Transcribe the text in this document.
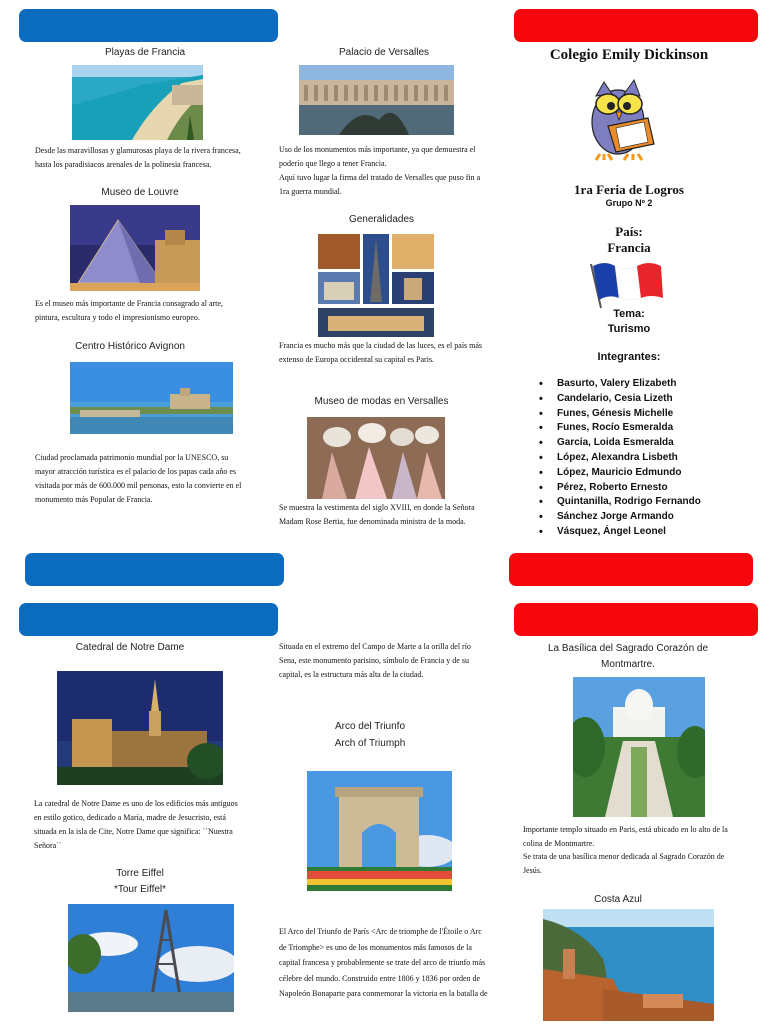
Playas de Francia
Desde las maravillosas y glamurosas playa de la rivera francesa, hasta los paradisiacos arenales de la polinesia francesa.
Museo de Louvre
Es el museo más importante de Francia consagrado al arte, pintura, escultura y todo el impresionismo europeo.
Centro Histórico Avignon
Ciudad proclamada patrimonio mundial por la UNESCO, su mayor atracción turística es el palacio de los papas cada año es visitada por más de 600.000 mil personas, esto la convierte en el monumento más Popular de Francia.
Palacio de Versalles
Uso de los monumentos más importante, ya que demuestra el poderío que llego a tener Francia.
Aquí tuvo lugar la firma del tratado de Versalles que puso fin a 1ra guerra mundial.
Generalidades
Francia es mucho más que la ciudad de las luces, es el país más extenso de Europa occidental su capital es Paris.
Museo de modas en Versalles
Se muestra la vestimenta del siglo XVIII, en donde la Señora Madam Rose Bertia, fue denominada ministra de la moda.
Colegio Emily Dickinson
1ra Feria de Logros
Grupo Nº 2
País:
Francia
Tema:
Turismo
Integrantes:
• Basurto, Valery Elizabeth
• Candelario, Cesia Lizeth
• Funes, Génesis Michelle
• Funes, Rocío Esmeralda
• García, Loida Esmeralda
• López, Alexandra Lisbeth
• López, Mauricio Edmundo
• Pérez, Roberto Ernesto
• Quintanilla, Rodrigo Fernando
• Sánchez Jorge Armando
• Vásquez, Ángel Leonel
Catedral de Notre Dame
La catedral de Notre Dame es uno de los edificios más antiguos en estilo gotico, dedicado a María, madre de Jesucristo, está situada en la isla de Cite, Notre Dame que significa: ``Nuestra Señora``
Torre Eiffel
*Tour Eiffel*
Situada en el extremo del Campo de Marte a la orilla del río Sena, este monumento parisino, símbolo de Francia y de su capital, es la estructura más alta de la ciudad.
Arco del Triunfo
Arch of Triumph
El Arco del Triunfo de París <Arc de triomphe de l'Étoile o Arc de Triomphe> es uno de los monumentos más famosos de la capital francesa y probablemente se trate del arco de triunfo más célebre del mundo. Construido entre 1806 y 1836 por orden de Napoleón Bonaparte para conmemorar la victoria en la batalla de
La Basílica del Sagrado Corazón de Montmartre.
Importante templo situado en Paris, está ubicado en lo alto de la colina de Montmartre.
Se trata de una basílica menor dedicada al Sagrado Corazón de Jesús.
Costa Azul
